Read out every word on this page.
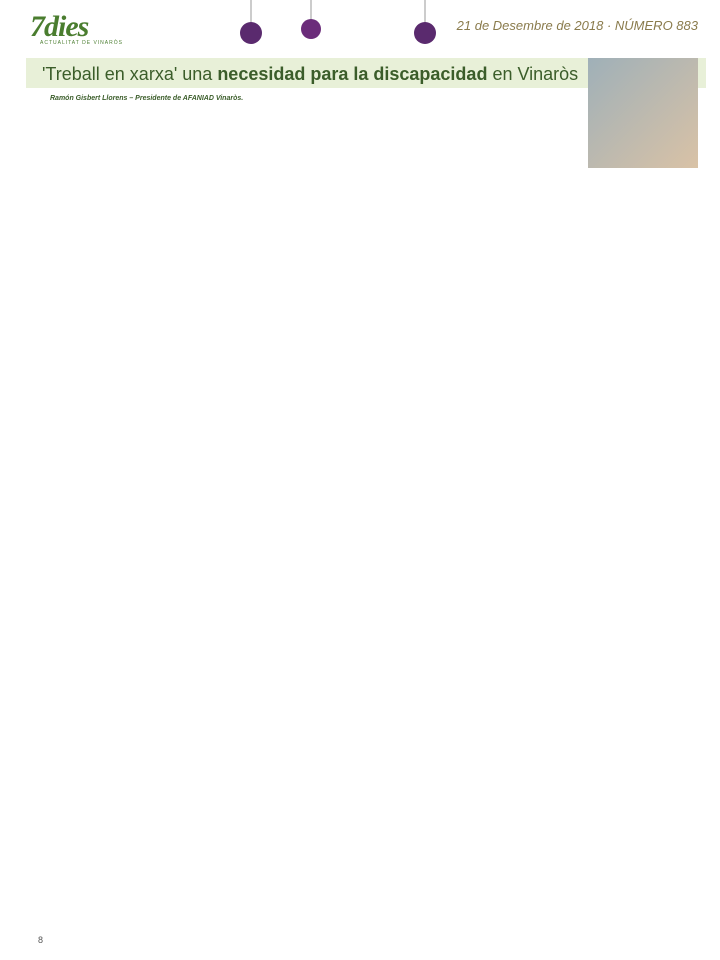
7dies
ACTUALITAT DE VINARÒS
21 de Desembre de 2018 · NÚMERO 883
'Treball en xarxa' una necesidad para la discapacidad en Vinaròs
Ramón Gisbert Llorens – Presidente de AFANIAD Vinaròs.
8
